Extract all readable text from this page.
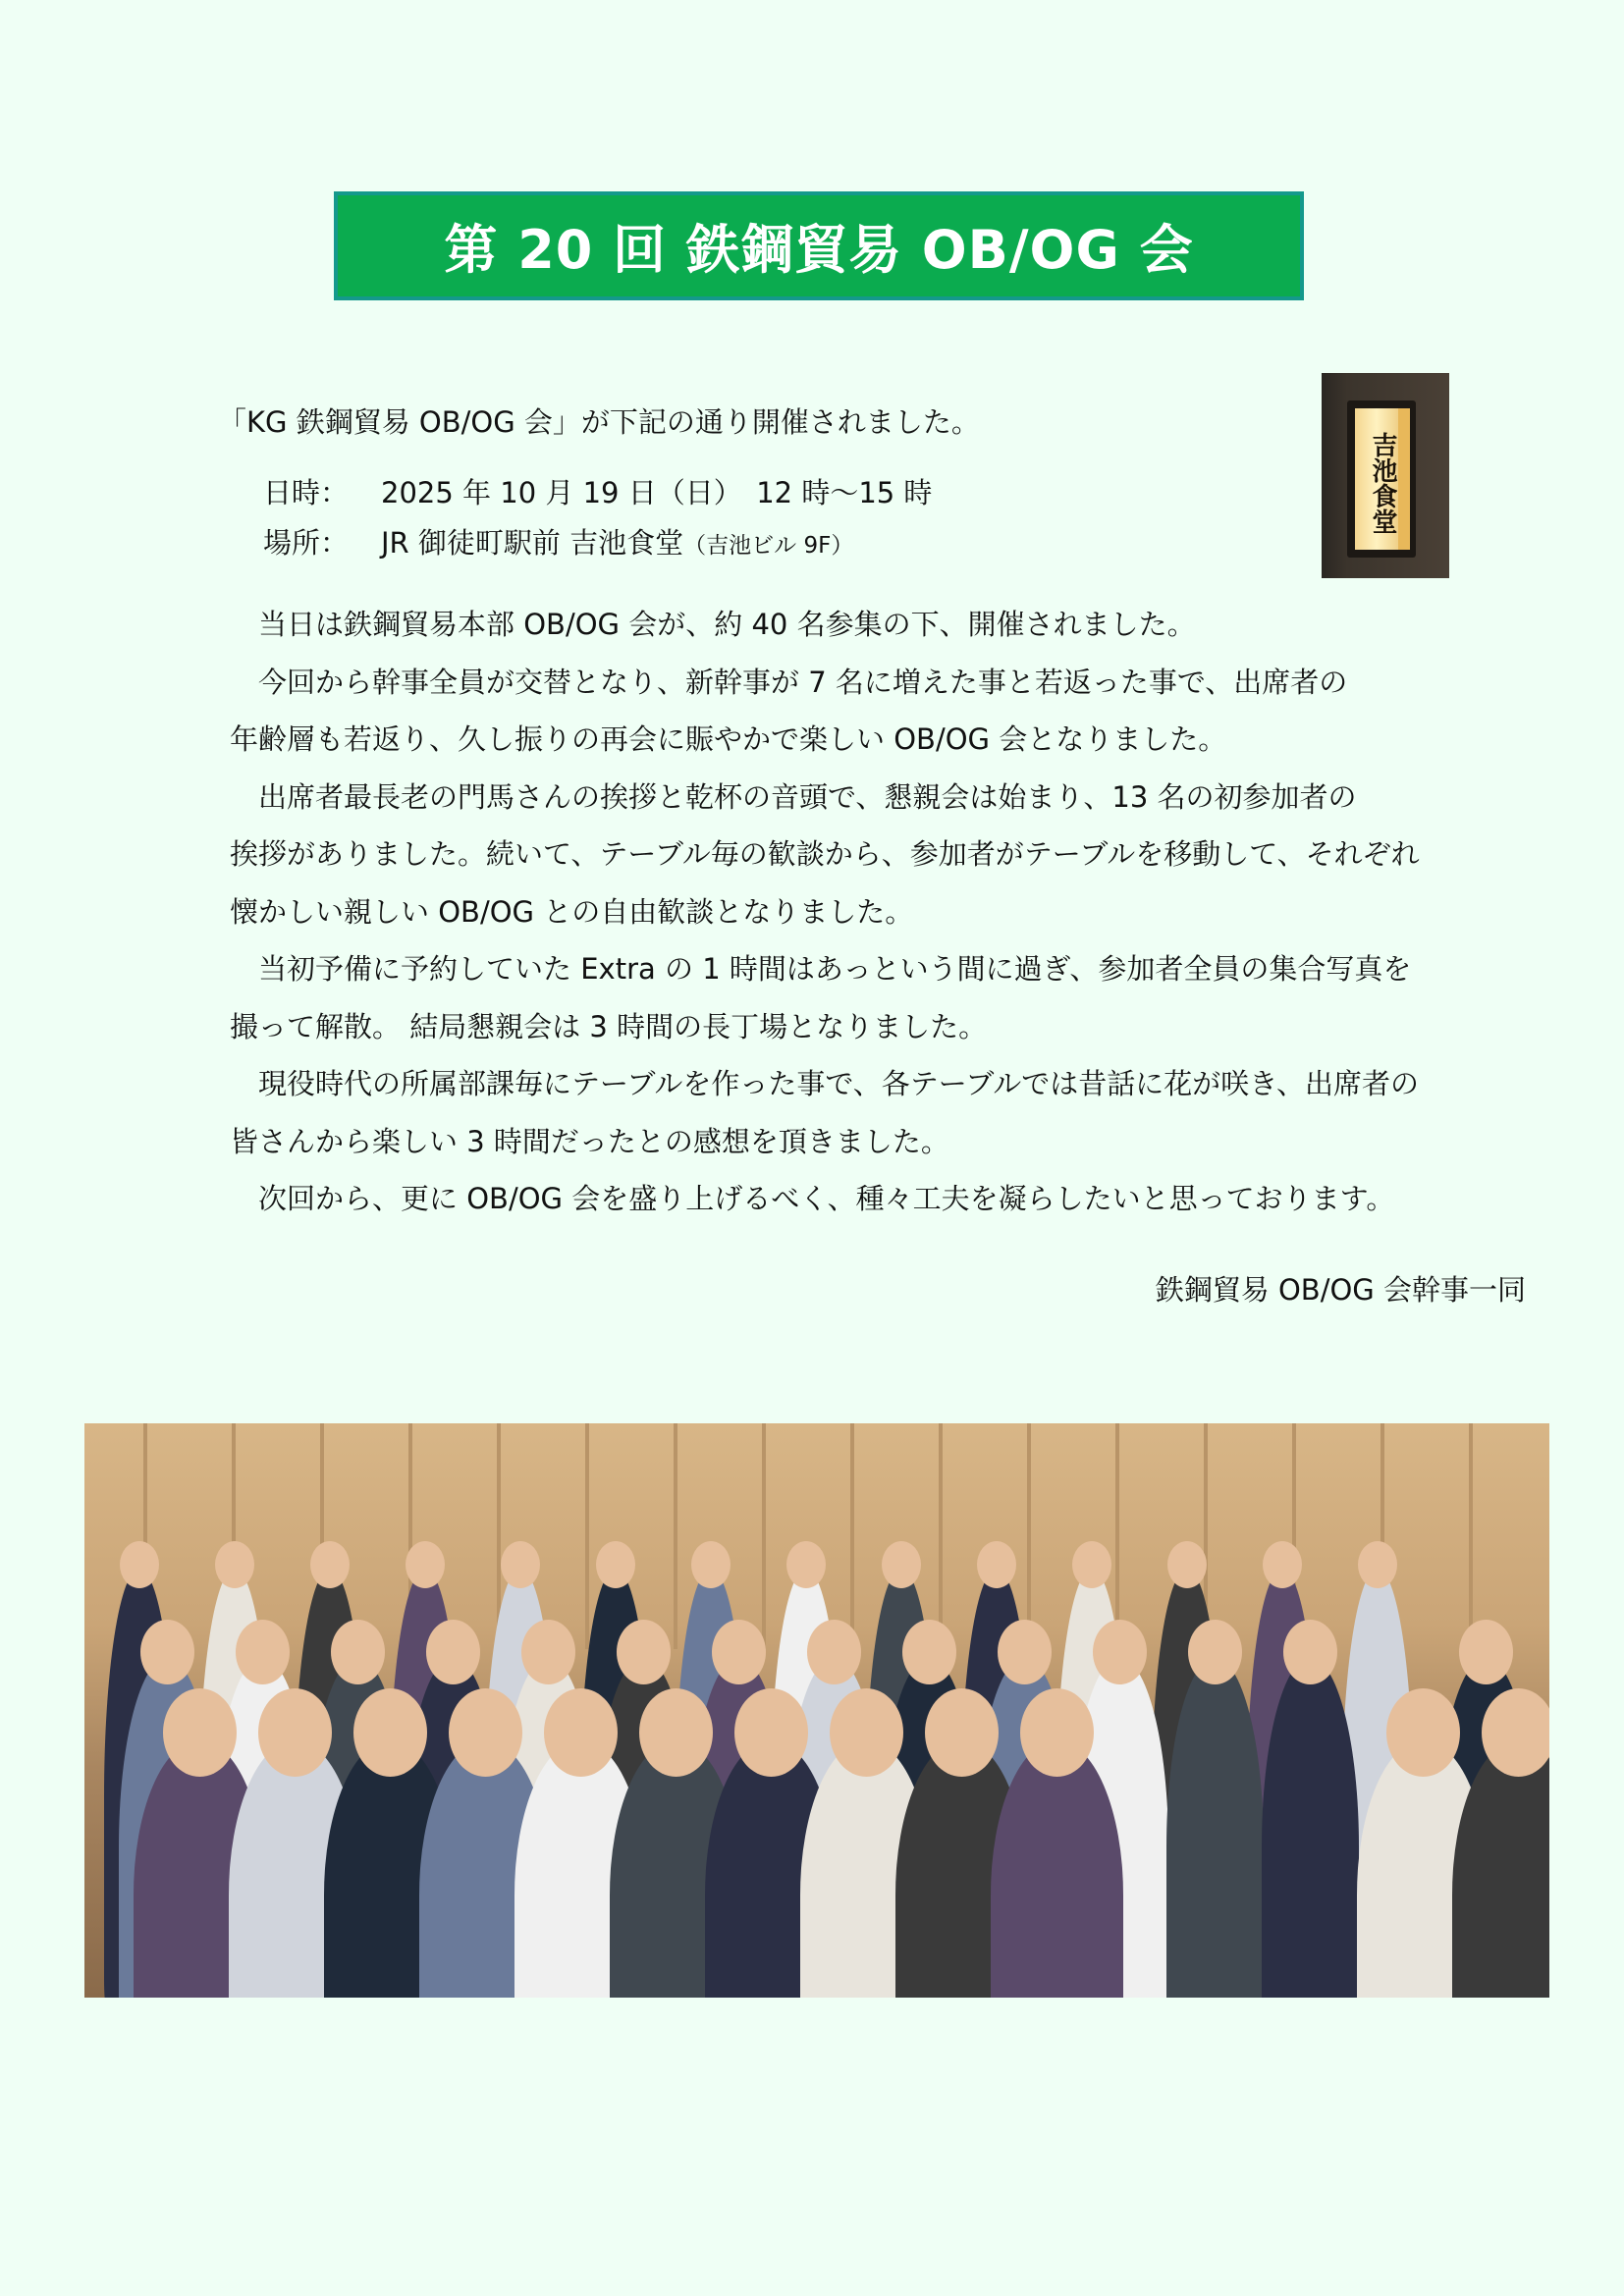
第 20 回 鉄鋼貿易 OB/OG 会
吉池食堂
「KG 鉄鋼貿易 OB/OG 会」が下記の通り開催されました。
日時： 2025 年 10 月 19 日（日）　12 時～15 時
場所： JR 御徒町駅前 吉池食堂（吉池ビル 9F）
　当日は鉄鋼貿易本部 OB/OG 会が、約 40 名参集の下、開催されました。
　今回から幹事全員が交替となり、新幹事が 7 名に増えた事と若返った事で、出席者の
年齢層も若返り、久し振りの再会に賑やかで楽しい OB/OG 会となりました。
　出席者最長老の門馬さんの挨拶と乾杯の音頭で、懇親会は始まり、13 名の初参加者の
挨拶がありました。続いて、テーブル毎の歓談から、参加者がテーブルを移動して、それぞれ
懐かしい親しい OB/OG との自由歓談となりました。
　当初予備に予約していた Extra の 1 時間はあっという間に過ぎ、参加者全員の集合写真を
撮って解散。 結局懇親会は 3 時間の長丁場となりました。
　現役時代の所属部課毎にテーブルを作った事で、各テーブルでは昔話に花が咲き、出席者の
皆さんから楽しい 3 時間だったとの感想を頂きました。
　次回から、更に OB/OG 会を盛り上げるべく、種々工夫を凝らしたいと思っております。
鉄鋼貿易 OB/OG 会幹事一同
